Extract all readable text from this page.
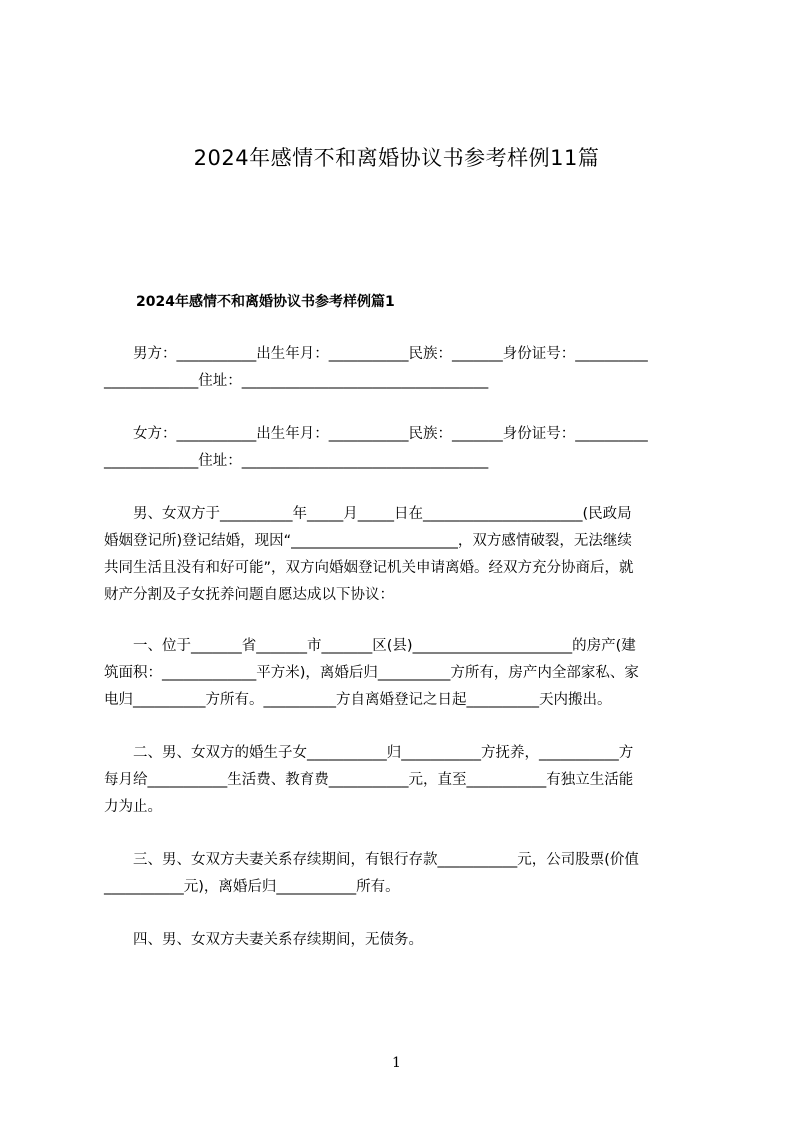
2024年感情不和离婚协议书参考样例11篇
2024年感情不和离婚协议书参考样例篇1
　　男方：___________出生年月：___________民族：_______身份证号：__________
_____________住址：__________________________________
　　女方：___________出生年月：___________民族：_______身份证号：__________
_____________住址：__________________________________
　　男、女双方于__________年_____月_____日在______________________(民政局
婚姻登记所)登记结婚，现因“_______________________，双方感情破裂，无法继续
共同生活且没有和好可能”，双方向婚姻登记机关申请离婚。经双方充分协商后，就
财产分割及子女抚养问题自愿达成以下协议：
　　一、位于_______省_______市_______区(县)______________________的房产(建
筑面积：_____________平方米)，离婚后归__________方所有，房产内全部家私、家
电归__________方所有。__________方自离婚登记之日起__________天内搬出。
　　二、男、女双方的婚生子女___________归___________方抚养，___________方
每月给___________生活费、教育费___________元，直至___________有独立生活能
力为止。
　　三、男、女双方夫妻关系存续期间，有银行存款___________元，公司股票(价值
___________元)，离婚后归___________所有。
　　四、男、女双方夫妻关系存续期间，无债务。
1
